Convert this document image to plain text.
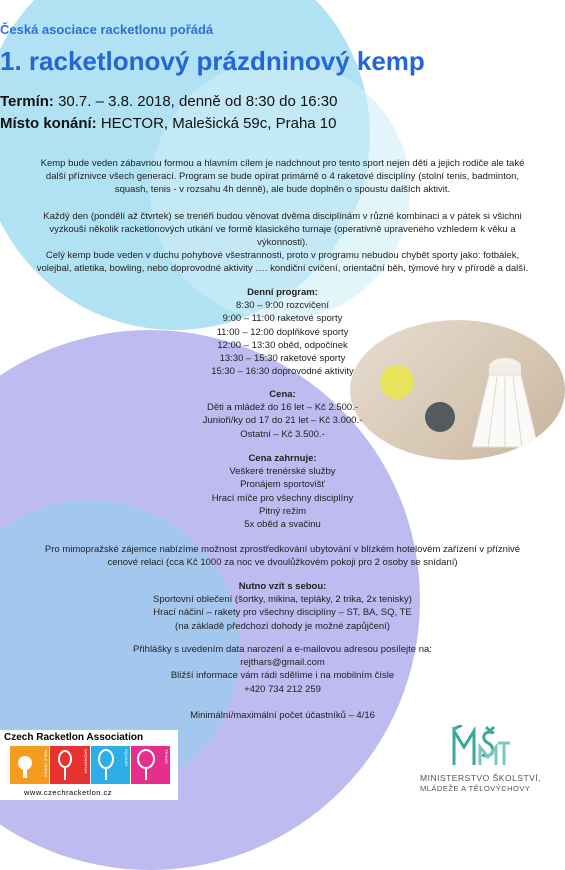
Česká asociace racketlonu pořádá
1. racketlonový prázdninový kemp
Termín: 30.7. – 3.8. 2018, denně od 8:30 do 16:30
Místo konání: HECTOR, Malešická 59c, Praha 10
Kemp bude veden zábavnou formou a hlavním cílem je nadchnout pro tento sport nejen děti a jejich rodiče ale také další příznivce všech generací. Program se bude opírat primárně o 4 raketové disciplíny (stolní tenis, badminton, squash, tenis - v rozsahu 4h denně), ale bude doplněn o spoustu dalších aktivit.
Každý den (pondělí až čtvrtek) se trenéři budou věnovat dvěma disciplínám v různé kombinaci a v pátek si všichni vyzkouší několik racketlonových utkání ve formě klasického turnaje (operativně upraveného vzhledem k věku a výkonnosti).
Celý kemp bude veden v duchu pohybové všestrannosti, proto v programu nebudou chybět sporty jako: fotbálek, volejbal, atletika, bowling, nebo doprovodné aktivity …. kondiční cvičení, orientační běh, týmové hry v přírodě a další.
Denní program:
8:30 – 9:00 rozcvičení
9:00 – 11:00 raketové sporty
11:00 – 12:00 doplňkové sporty
12:00 – 13:30 oběd, odpočinek
13:30 – 15:30 raketové sporty
15:30 – 16:30 doprovodné aktivity
Cena:
Děti a mládež do 16 let – Kč 2.500.-
Junioři/ky od 17 do 21 let – Kč 3.000.-
Ostatní – Kč 3.500.-
Cena zahrnuje:
Veškeré trenérské služby
Pronájem sportovišť
Hrací míče pro všechny disciplíny
Pitný režim
5x oběd a svačinu
Pro mimopražské zájemce nabízíme možnost zprostředkování ubytování v blízkém hotelovém zařízení v příznivé cenové relaci (cca Kč 1000 za noc ve dvoulůžkovém pokoji pro 2 osoby se snídaní)
Nutno vzít s sebou:
Sportovní oblečení (šortky, mikina, tepláky, 2 trika, 2x tenisky)
Hrací náčiní – rakety pro všechny disciplíny – ST, BA, SQ, TE
(na základě předchozí dohody je možné zapůjčení)
Přihlášky s uvedením data narození a e-mailovou adresou posílejte na:
rejthars@gmail.com
Bližší informace vám rádi sdělíme i na mobilním čísle
+420 734 212 259
Minimální/maximální počet účastníků – 4/16
Czech Racketlon Association
TABLE TENNIS	BADMINTON	SQUASH	TENNIS
www.czechracketlon.cz
MINISTERSTVO ŠKOLSTVÍ,
MLÁDEŽE A TĚLOVÝCHOVY
